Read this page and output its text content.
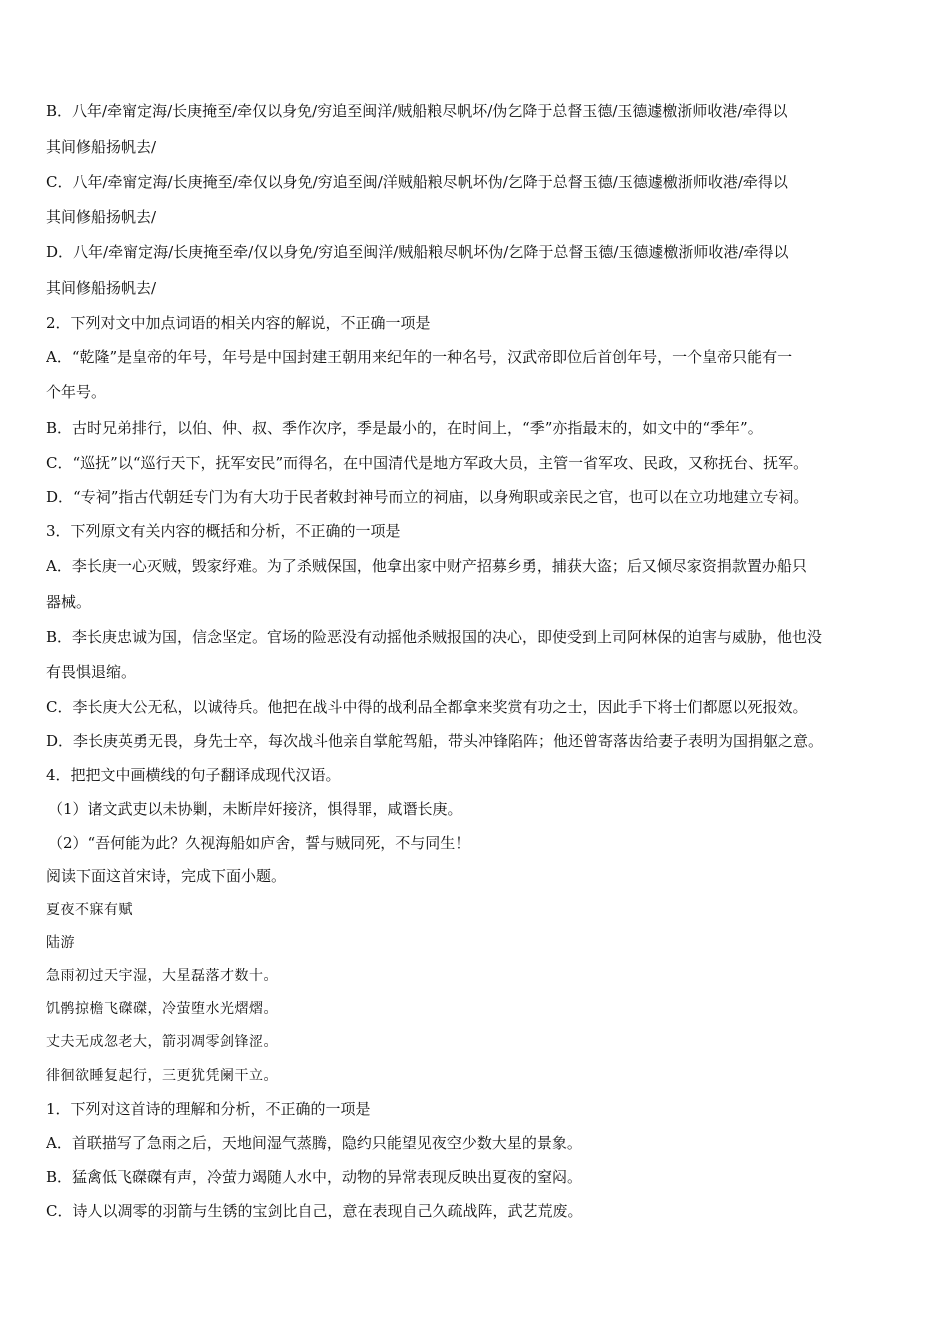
B．八年/牵甯定海/长庚掩至/牵仅以身免/穷追至闽洋/贼船粮尽帆坏/伪乞降于总督玉德/玉德遽檄浙师收港/牵得以
其间修船扬帆去/
C．八年/牵甯定海/长庚掩至/牵仅以身免/穷追至闽/洋贼船粮尽帆坏伪/乞降于总督玉德/玉德遽檄浙师收港/牵得以
其间修船扬帆去/
D．八年/牵甯定海/长庚掩至牵/仅以身免/穷追至闽洋/贼船粮尽帆坏伪/乞降于总督玉德/玉德遽檄浙师收港/牵得以
其间修船扬帆去/
2．下列对文中加点词语的相关内容的解说，不正确一项是
A．“乾隆”是皇帝的年号，年号是中国封建王朝用来纪年的一种名号，汉武帝即位后首创年号，一个皇帝只能有一
个年号。
B．古时兄弟排行，以伯、仲、叔、季作次序，季是最小的，在时间上，“季”亦指最末的，如文中的“季年”。
C．“巡抚”以“巡行天下，抚军安民”而得名，在中国清代是地方军政大员，主管一省军攻、民政，又称抚台、抚军。
D．“专祠”指古代朝廷专门为有大功于民者敕封神号而立的祠庙，以身殉职或亲民之官，也可以在立功地建立专祠。
3．下列原文有关内容的概括和分析，不正确的一项是
A．李长庚一心灭贼，毁家纾难。为了杀贼保国，他拿出家中财产招募乡勇，捕获大盗；后又倾尽家资捐款置办船只
器械。
B．李长庚忠诚为国，信念坚定。官场的险恶没有动摇他杀贼报国的决心，即使受到上司阿林保的迫害与威胁，他也没
有畏惧退缩。
C．李长庚大公无私，以诚待兵。他把在战斗中得的战利品全都拿来奖赏有功之士，因此手下将士们都愿以死报效。
D．李长庚英勇无畏，身先士卒，每次战斗他亲自掌舵驾船，带头冲锋陷阵；他还曾寄落齿给妻子表明为国捐躯之意。
4．把把文中画横线的句子翻译成现代汉语。
（1）诸文武吏以未协剿，未断岸奸接济，惧得罪，咸谮长庚。
（2）“吾何能为此？久视海船如庐舍，誓与贼同死，不与同生！
阅读下面这首宋诗，完成下面小题。
夏夜不寐有赋
陆游
急雨初过天宇湿，大星磊落才数十。
饥鹘掠檐飞磔磔，冷萤堕水光熠熠。
丈夫无成忽老大，箭羽凋零剑锋涩。
徘徊欲睡复起行，三更犹凭阑干立。
1．下列对这首诗的理解和分析，不正确的一项是
A．首联描写了急雨之后，天地间湿气蒸腾，隐约只能望见夜空少数大星的景象。
B．猛禽低飞磔磔有声，冷萤力竭随人水中，动物的异常表现反映出夏夜的窒闷。
C．诗人以凋零的羽箭与生锈的宝剑比自己，意在表现自己久疏战阵，武艺荒废。
